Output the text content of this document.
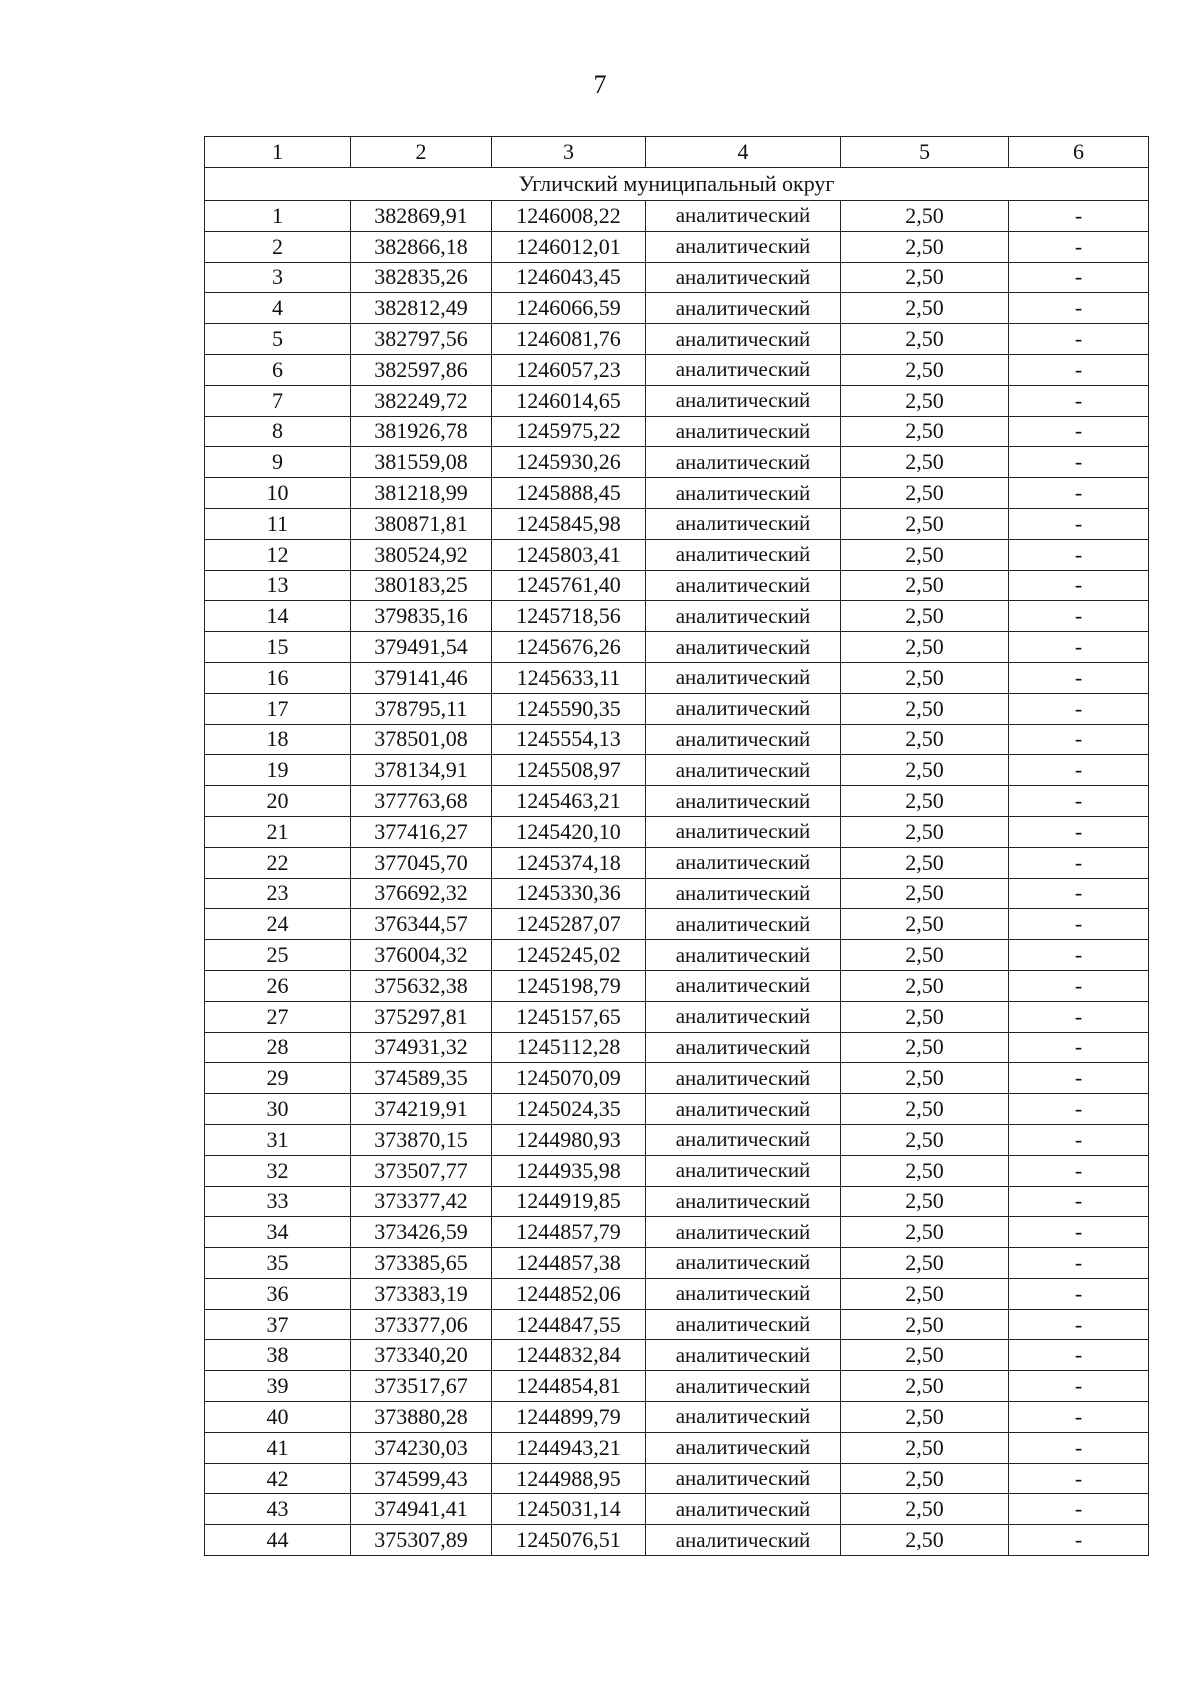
7
1	2	3	4	5	6
Угличский муниципальный округ					
1	382869,91	1246008,22	аналитический	2,50	-
2	382866,18	1246012,01	аналитический	2,50	-
3	382835,26	1246043,45	аналитический	2,50	-
4	382812,49	1246066,59	аналитический	2,50	-
5	382797,56	1246081,76	аналитический	2,50	-
6	382597,86	1246057,23	аналитический	2,50	-
7	382249,72	1246014,65	аналитический	2,50	-
8	381926,78	1245975,22	аналитический	2,50	-
9	381559,08	1245930,26	аналитический	2,50	-
10	381218,99	1245888,45	аналитический	2,50	-
11	380871,81	1245845,98	аналитический	2,50	-
12	380524,92	1245803,41	аналитический	2,50	-
13	380183,25	1245761,40	аналитический	2,50	-
14	379835,16	1245718,56	аналитический	2,50	-
15	379491,54	1245676,26	аналитический	2,50	-
16	379141,46	1245633,11	аналитический	2,50	-
17	378795,11	1245590,35	аналитический	2,50	-
18	378501,08	1245554,13	аналитический	2,50	-
19	378134,91	1245508,97	аналитический	2,50	-
20	377763,68	1245463,21	аналитический	2,50	-
21	377416,27	1245420,10	аналитический	2,50	-
22	377045,70	1245374,18	аналитический	2,50	-
23	376692,32	1245330,36	аналитический	2,50	-
24	376344,57	1245287,07	аналитический	2,50	-
25	376004,32	1245245,02	аналитический	2,50	-
26	375632,38	1245198,79	аналитический	2,50	-
27	375297,81	1245157,65	аналитический	2,50	-
28	374931,32	1245112,28	аналитический	2,50	-
29	374589,35	1245070,09	аналитический	2,50	-
30	374219,91	1245024,35	аналитический	2,50	-
31	373870,15	1244980,93	аналитический	2,50	-
32	373507,77	1244935,98	аналитический	2,50	-
33	373377,42	1244919,85	аналитический	2,50	-
34	373426,59	1244857,79	аналитический	2,50	-
35	373385,65	1244857,38	аналитический	2,50	-
36	373383,19	1244852,06	аналитический	2,50	-
37	373377,06	1244847,55	аналитический	2,50	-
38	373340,20	1244832,84	аналитический	2,50	-
39	373517,67	1244854,81	аналитический	2,50	-
40	373880,28	1244899,79	аналитический	2,50	-
41	374230,03	1244943,21	аналитический	2,50	-
42	374599,43	1244988,95	аналитический	2,50	-
43	374941,41	1245031,14	аналитический	2,50	-
44	375307,89	1245076,51	аналитический	2,50	-
